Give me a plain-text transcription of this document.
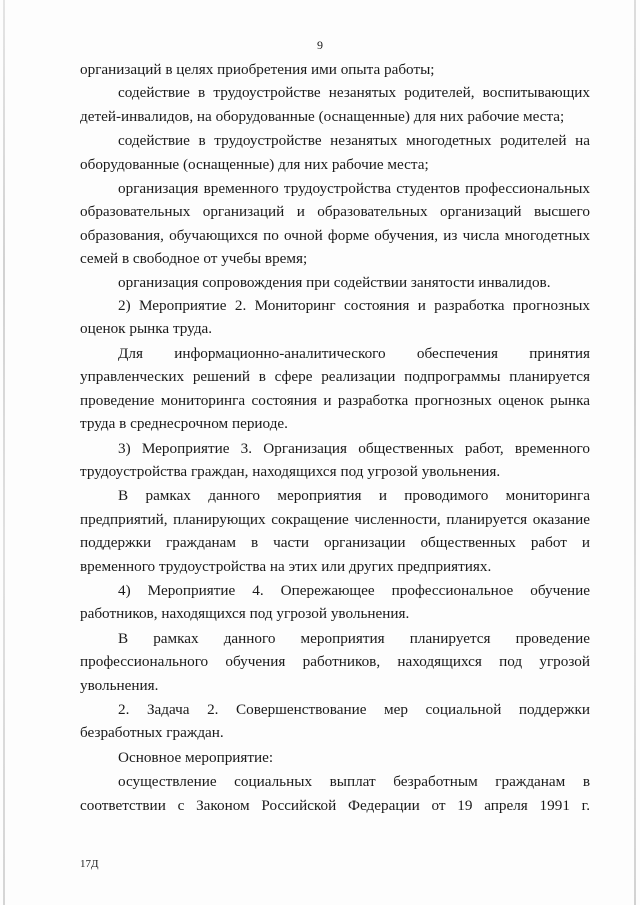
9

организаций в целях приобретения ими опыта работы;

содействие в трудоустройстве незанятых родителей, воспитывающих детей-инвалидов, на оборудованные (оснащенные) для них рабочие места;

содействие в трудоустройстве незанятых многодетных родителей на оборудованные (оснащенные) для них рабочие места;

организация временного трудоустройства студентов профессиональных образовательных организаций и образовательных организаций высшего образования, обучающихся по очной форме обучения, из числа многодетных семей в свободное от учебы время;

организация сопровождения при содействии занятости инвалидов.

2) Мероприятие 2. Мониторинг состояния и разработка прогнозных оценок рынка труда.

Для информационно-аналитического обеспечения принятия управленческих решений в сфере реализации подпрограммы планируется проведение мониторинга состояния и разработка прогнозных оценок рынка труда в среднесрочном периоде.

3) Мероприятие 3. Организация общественных работ, временного трудоустройства граждан, находящихся под угрозой увольнения.

В рамках данного мероприятия и проводимого мониторинга предприятий, планирующих сокращение численности, планируется оказание поддержки гражданам в части организации общественных работ и временного трудоустройства на этих или других предприятиях.

4) Мероприятие 4. Опережающее профессиональное обучение работников, находящихся под угрозой увольнения.

В рамках данного мероприятия планируется проведение профессионального обучения работников, находящихся под угрозой увольнения.

2. Задача 2. Совершенствование мер социальной поддержки безработных граждан.

Основное мероприятие:

осуществление социальных выплат безработным гражданам в соответствии с Законом Российской Федерации от 19 апреля 1991 г.

17Д
